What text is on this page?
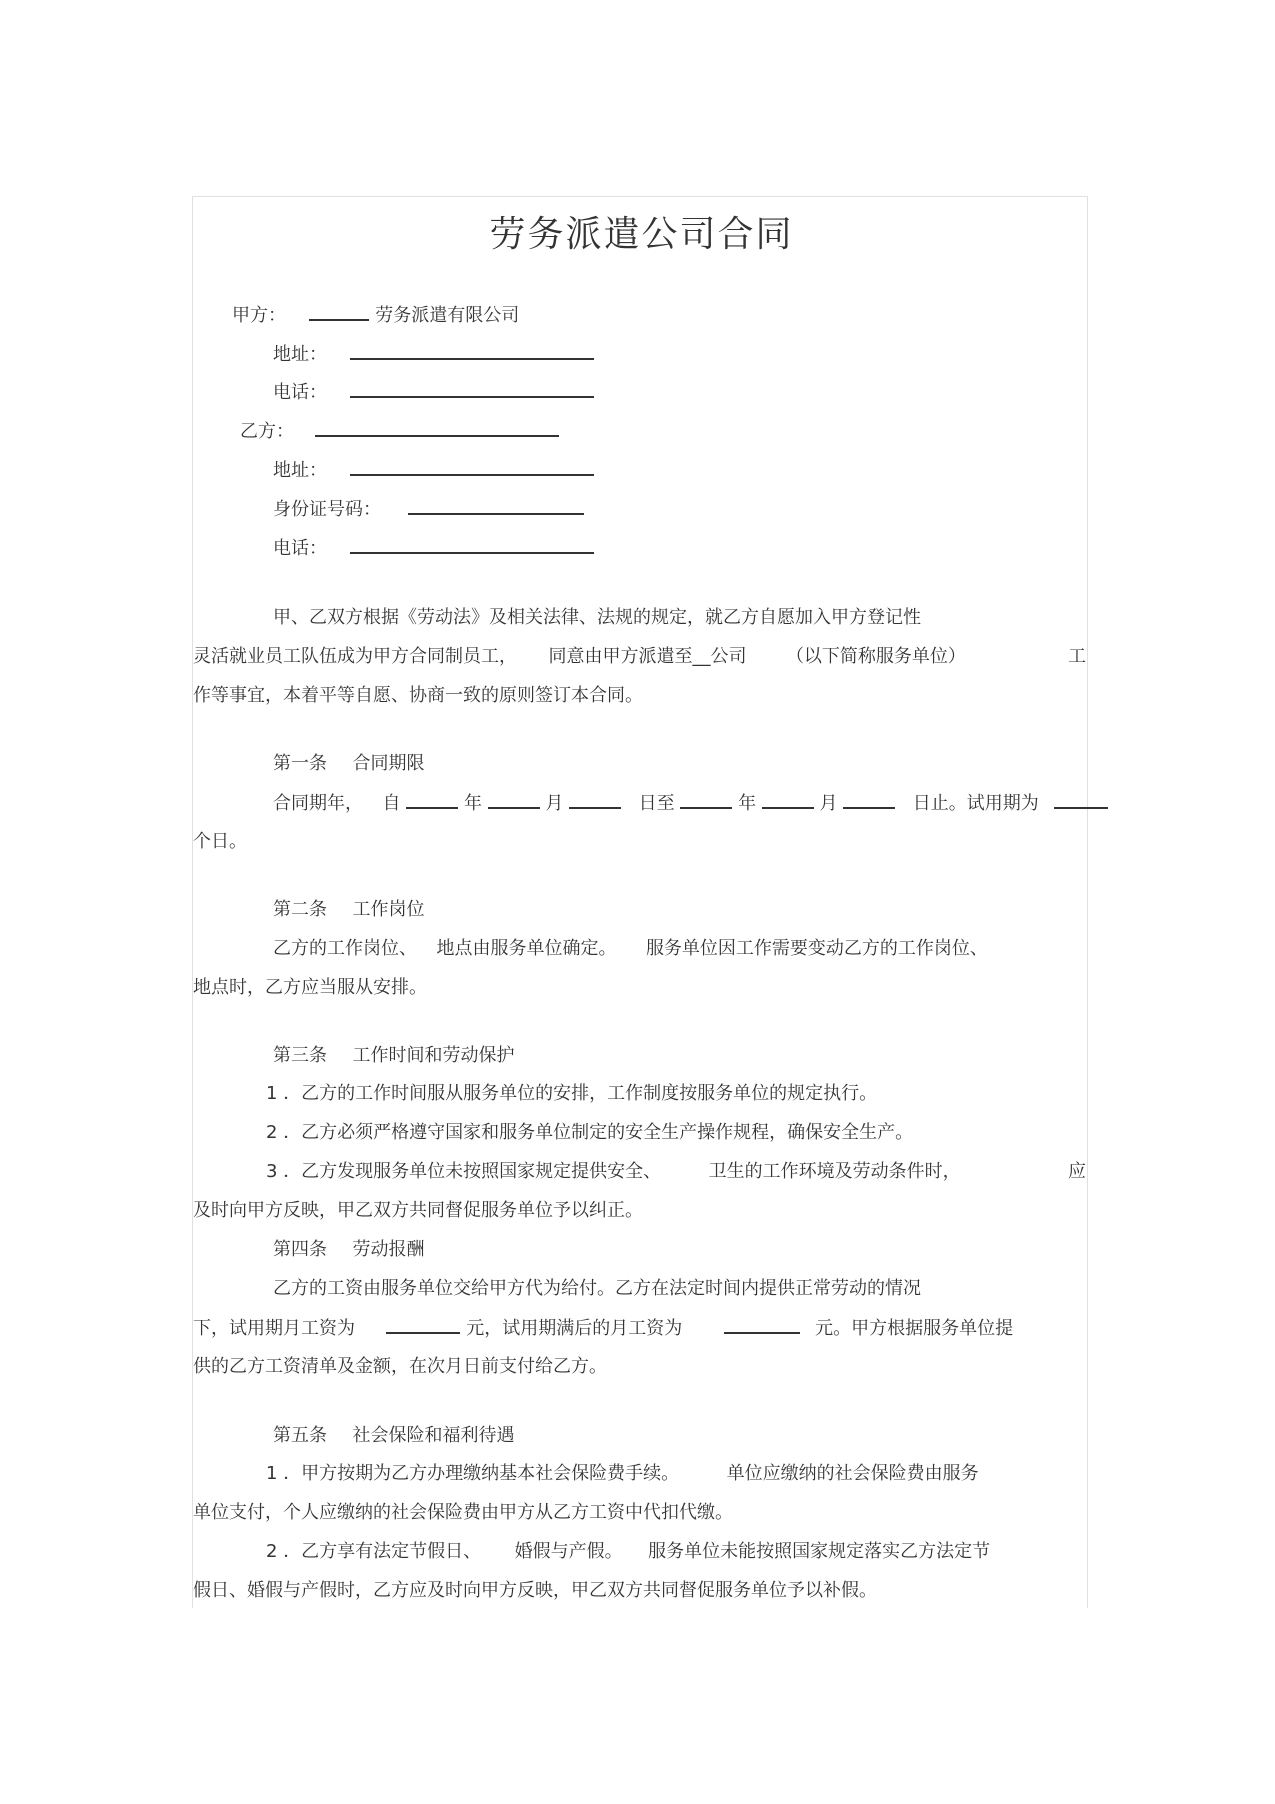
劳务派遣公司合同
甲方：	劳务派遣有限公司
地址：
电话：
乙方：
地址：
身份证号码：
电话：
甲、乙双方根据《劳动法》及相关法律、法规的规定，就乙方自愿加入甲方登记性
灵活就业员工队伍成为甲方合同制员工， 同意由甲方派遣至__公司 （以下简称服务单位）	工
作等事宜，本着平等自愿、协商一致的原则签订本合同。
第一条 合同期限
合同期年， 自	年	月	日至	年	月	日止。试用期为
个日。
第二条 工作岗位
乙方的工作岗位、 地点由服务单位确定。 服务单位因工作需要变动乙方的工作岗位、
地点时，乙方应当服从安排。
第三条 工作时间和劳动保护
1 ．乙方的工作时间服从服务单位的安排，工作制度按服务单位的规定执行。
2 ．乙方必须严格遵守国家和服务单位制定的安全生产操作规程，确保安全生产。
3 ．乙方发现服务单位未按照国家规定提供安全、	卫生的工作环境及劳动条件时，	应
及时向甲方反映，甲乙双方共同督促服务单位予以纠正。
第四条 劳动报酬
乙方的工资由服务单位交给甲方代为给付。乙方在法定时间内提供正常劳动的情况
下，试用期月工资为	元，试用期满后的月工资为	元。甲方根据服务单位提
供的乙方工资清单及金额，在次月日前支付给乙方。
第五条 社会保险和福利待遇
1 ．甲方按期为乙方办理缴纳基本社会保险费手续。	单位应缴纳的社会保险费由服务
单位支付，个人应缴纳的社会保险费由甲方从乙方工资中代扣代缴。
2 ．乙方享有法定节假日、 婚假与产假。 服务单位未能按照国家规定落实乙方法定节
假日、婚假与产假时，乙方应及时向甲方反映，甲乙双方共同督促服务单位予以补假。
